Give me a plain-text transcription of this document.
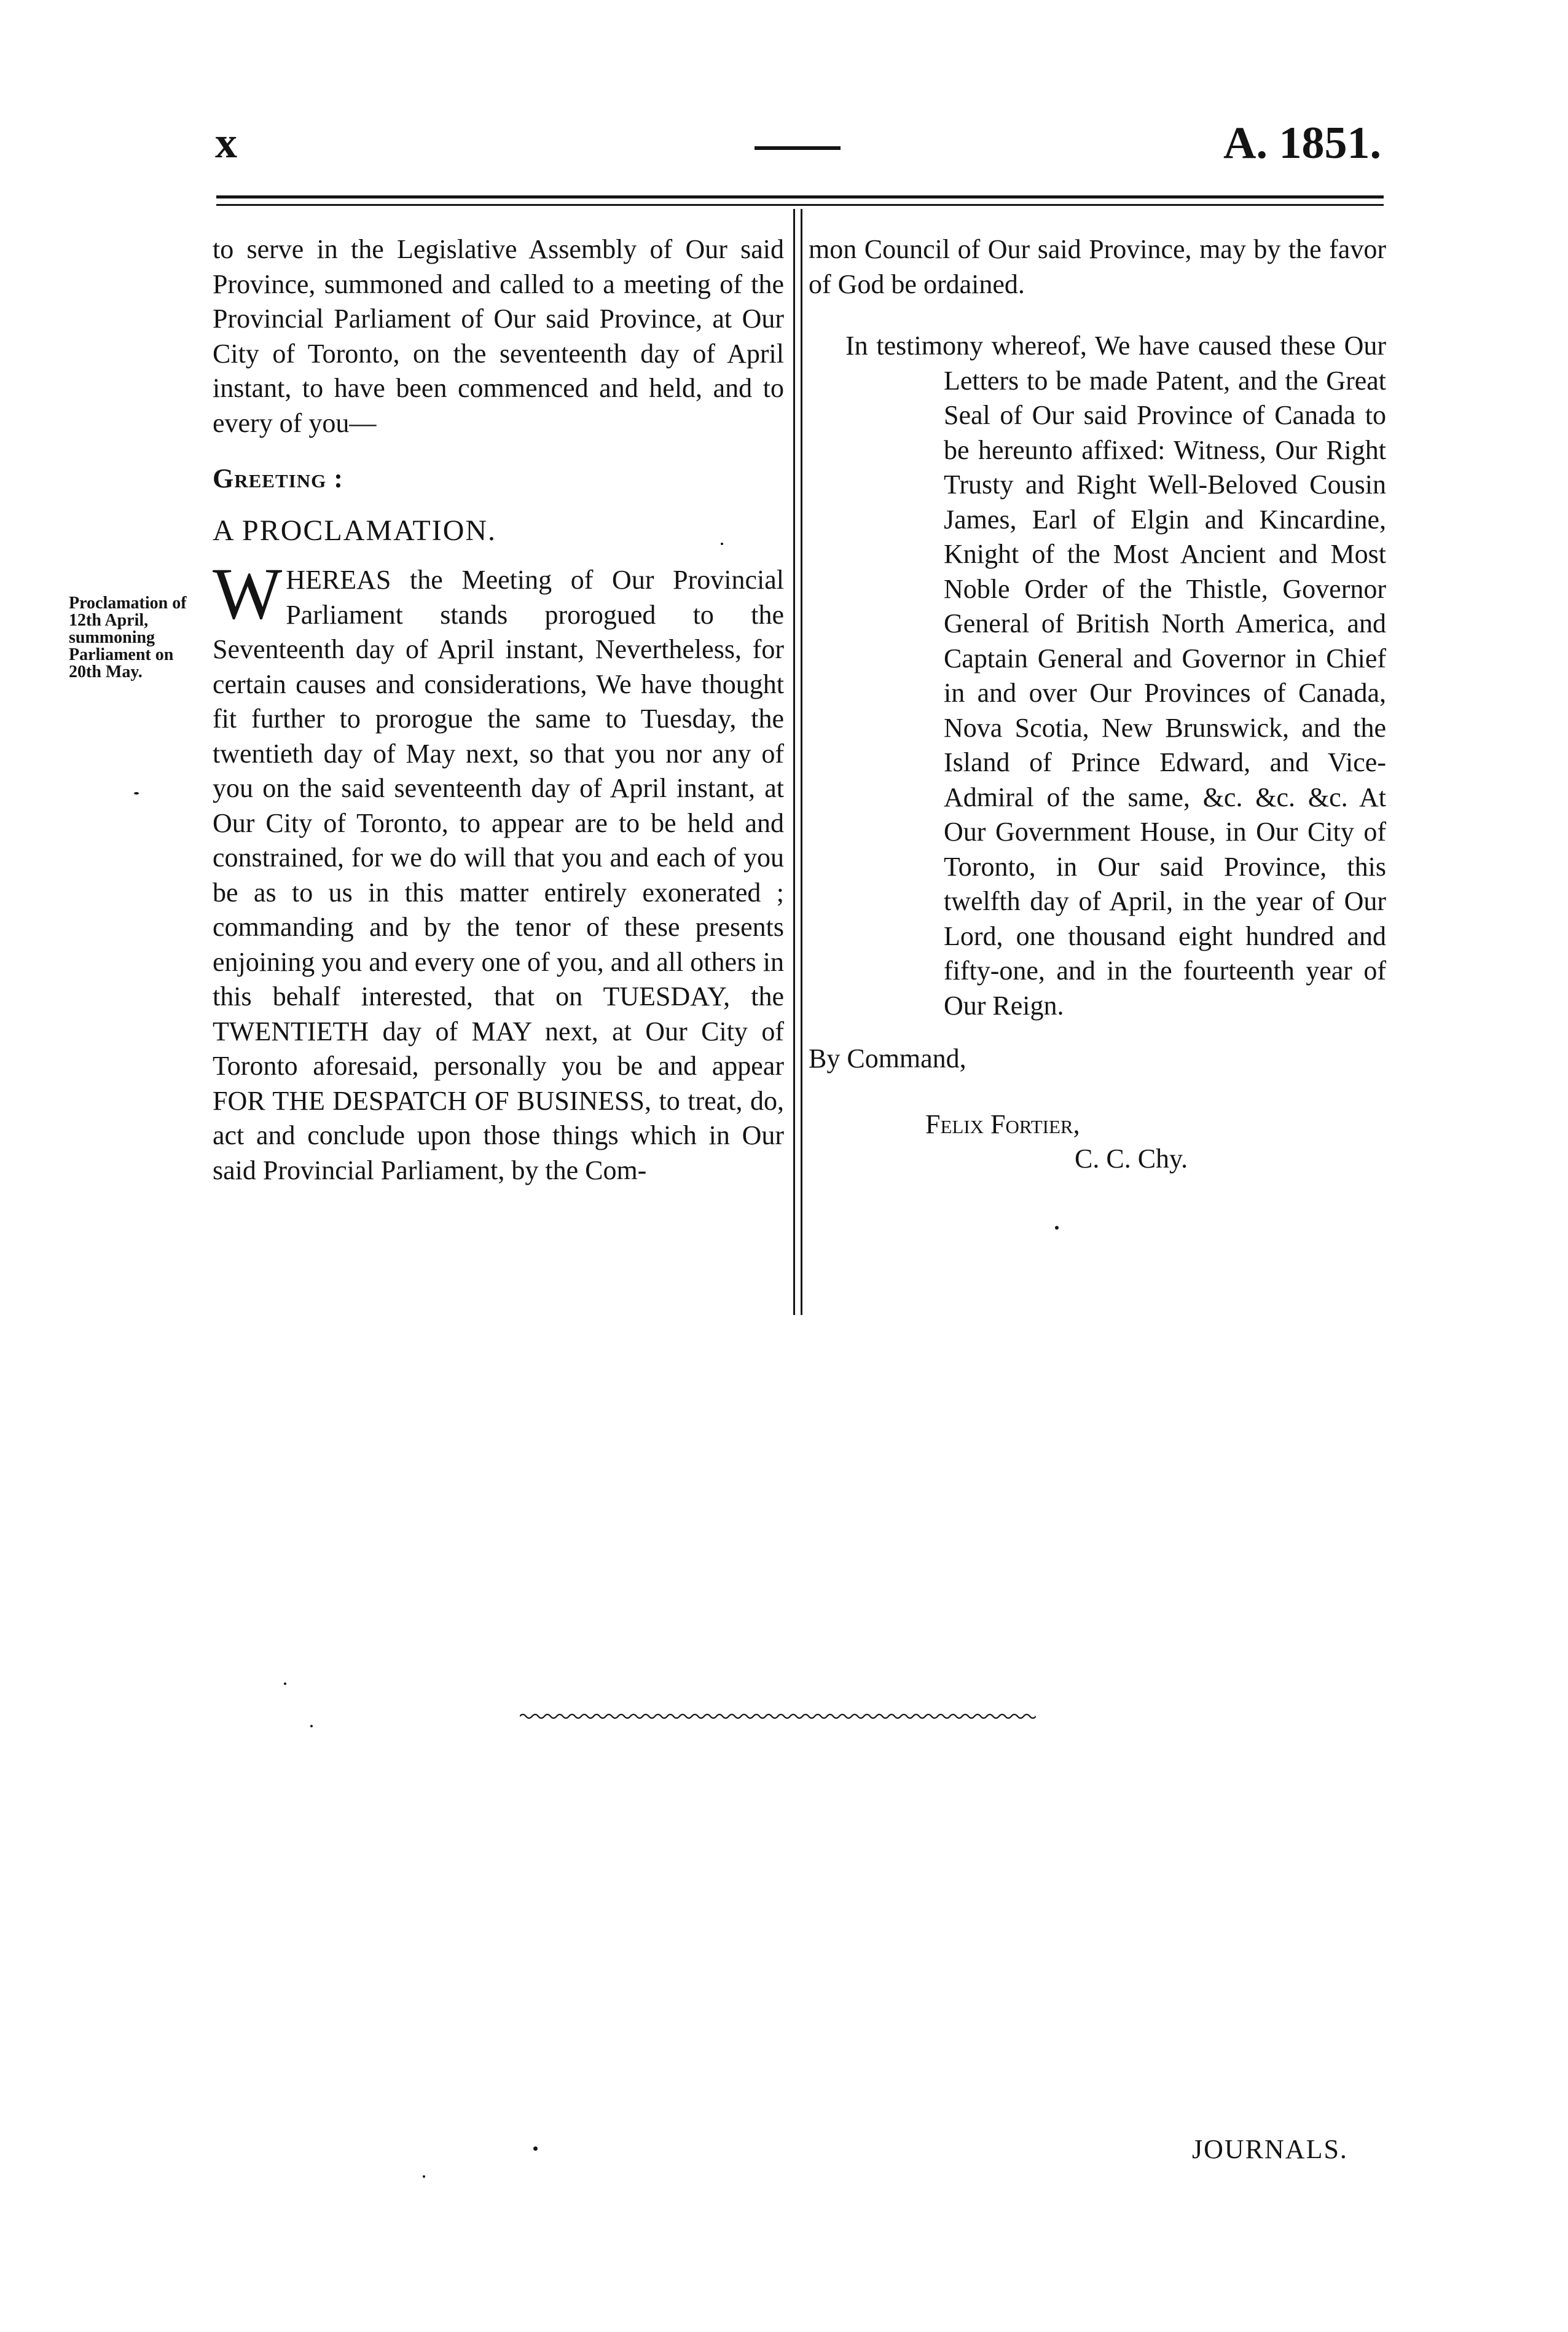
x	A. 1851.

to serve in the Legislative Assembly of Our said Province, summoned and called to a meeting of the Provincial Parliament of Our said Province, at Our City of Toronto, on the seventeenth day of April instant, to have been commenced and held, and to every of you—

Greeting :

A PROCLAMATION.

WHEREAS the Meeting of Our Provincial Parliament stands prorogued to the Seventeenth day of April instant, Nevertheless, for certain causes and considerations, We have thought fit further to prorogue the same to Tuesday, the twentieth day of May next, so that you nor any of you on the said seventeenth day of April instant, at Our City of Toronto, to appear are to be held and constrained, for we do will that you and each of you be as to us in this matter entirely exonerated ; commanding and by the tenor of these presents enjoining you and every one of you, and all others in this behalf interested, that on TUESDAY, the TWENTIETH day of MAY next, at Our City of Toronto aforesaid, personally you be and appear FOR THE DESPATCH OF BUSINESS, to treat, do, act and conclude upon those things which in Our said Provincial Parliament, by the Com-

Proclamation of 12th April, summoning Parliament on 20th May.

mon Council of Our said Province, may by the favor of God be ordained.

In testimony whereof, We have caused these Our Letters to be made Patent, and the Great Seal of Our said Province of Canada to be hereunto affixed: Witness, Our Right Trusty and Right Well-Beloved Cousin James, Earl of Elgin and Kincardine, Knight of the Most Ancient and Most Noble Order of the Thistle, Governor General of British North America, and Captain General and Governor in Chief in and over Our Provinces of Canada, Nova Scotia, New Brunswick, and the Island of Prince Edward, and Vice-Admiral of the same, &c. &c. &c. At Our Government House, in Our City of Toronto, in Our said Province, this twelfth day of April, in the year of Our Lord, one thousand eight hundred and fifty-one, and in the fourteenth year of Our Reign.

By Command,

Felix Fortier,

C. C. Chy.

JOURNALS.
